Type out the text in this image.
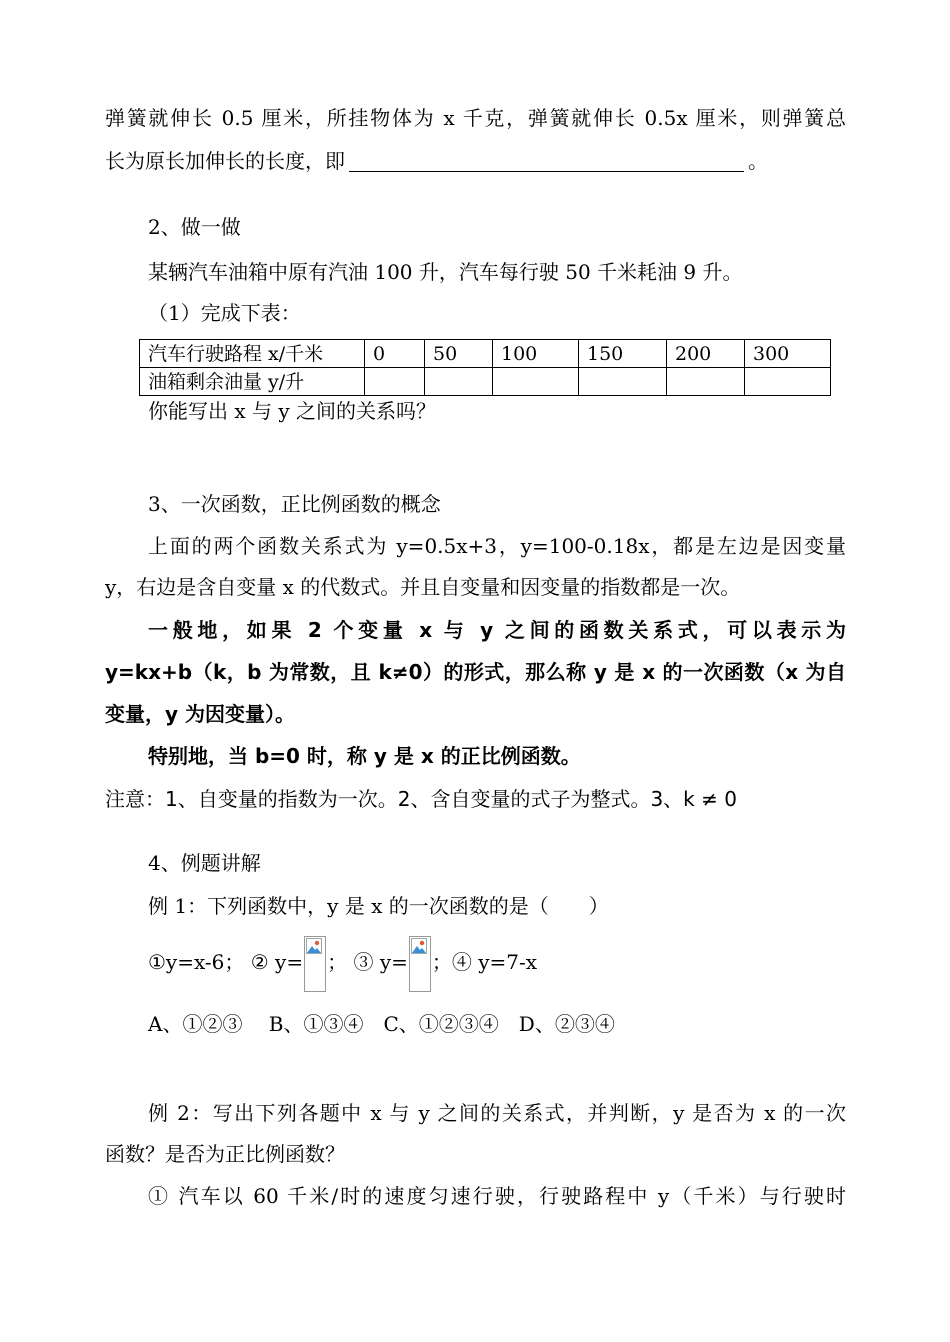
弹簧就伸长 0.5 厘米，所挂物体为 x 千克，弹簧就伸长 0.5x 厘米，则弹簧总
长为原长加伸长的长度，即	。
2、做一做
某辆汽车油箱中原有汽油 100 升，汽车每行驶 50 千米耗油 9 升。
（1）完成下表：
汽车行驶路程 x/千米	0	50	100	150	200	300
油箱剩余油量 y/升						
你能写出 x 与 y 之间的关系吗？
3、一次函数，正比例函数的概念
上面的两个函数关系式为 y=0.5x+3，y=100-0.18x，都是左边是因变量
y，右边是含自变量 x 的代数式。并且自变量和因变量的指数都是一次。
一般地，如果 2 个变量 x 与 y 之间的函数关系式，可以表示为
y=kx+b（k，b 为常数，且 k≠0）的形式，那么称 y 是 x 的一次函数（x 为自
变量，y 为因变量）。
特别地，当 b=0 时，称 y 是 x 的正比例函数。
注意：1、自变量的指数为一次。2、含自变量的式子为整式。3、k ≠ 0
4、例题讲解
例 1：下列函数中，y 是 x 的一次函数的是（　　）
①y=x-6； ② y= ； ③ y= ；④ y=7-x
A、①②③　 B、①③④　C、①②③④　D、②③④
例 2：写出下列各题中 x 与 y 之间的关系式，并判断，y 是否为 x 的一次
函数？是否为正比例函数？
① 汽车以 60 千米/时的速度匀速行驶，行驶路程中 y（千米）与行驶时
